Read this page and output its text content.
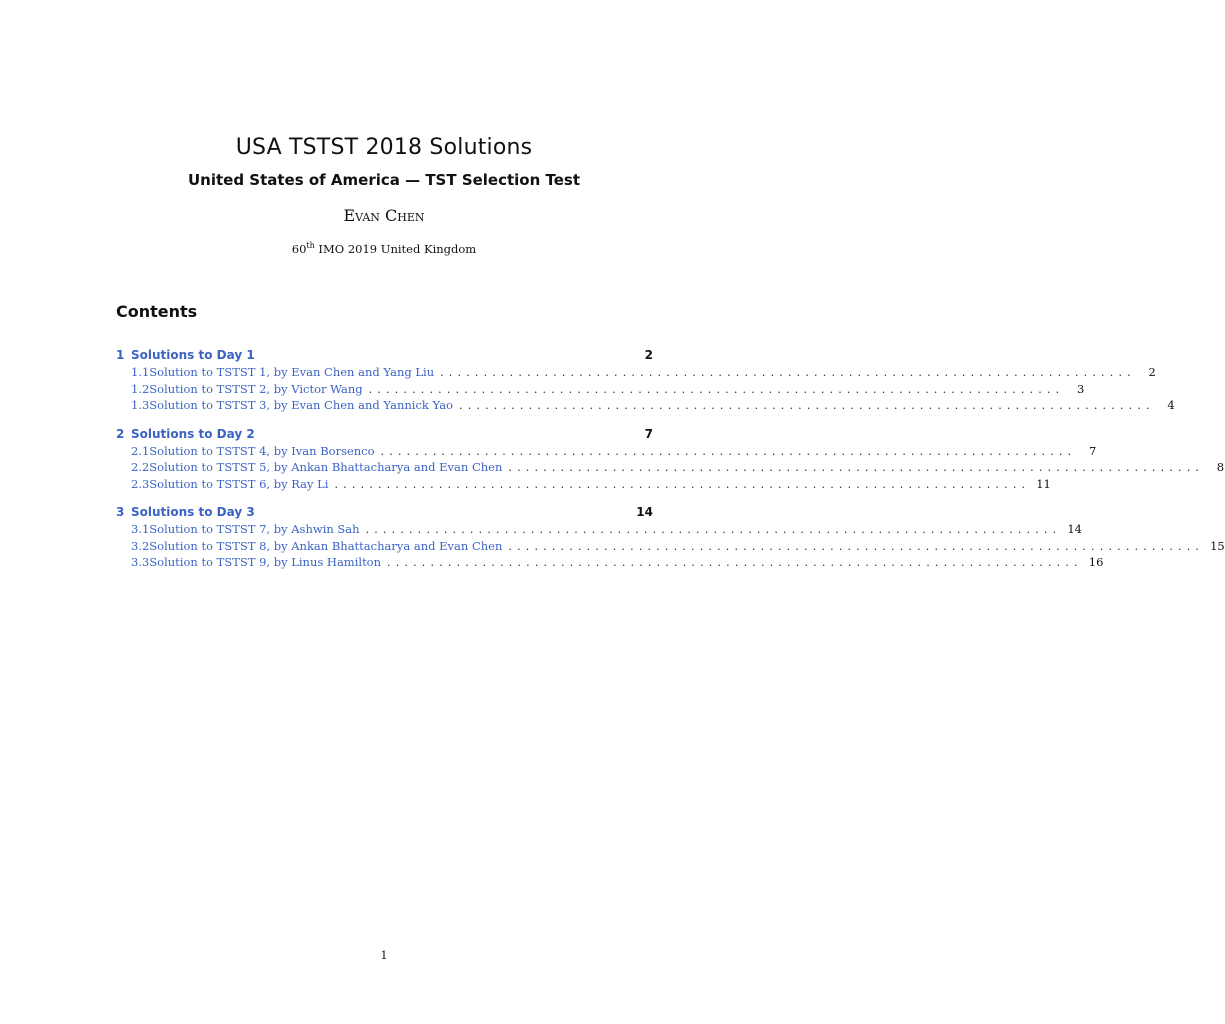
USA TSTST 2018 Solutions
United States of America — TST Selection Test
Evan Chen
60th IMO 2019 United Kingdom
Contents
1 Solutions to Day 1	2
1.1 Solution to TSTST 1, by Evan Chen and Yang Liu ................................................................................	2
1.2 Solution to TSTST 2, by Victor Wang ................................................................................	3
1.3 Solution to TSTST 3, by Evan Chen and Yannick Yao ................................................................................	4
2 Solutions to Day 2	7
2.1 Solution to TSTST 4, by Ivan Borsenco ................................................................................	7
2.2 Solution to TSTST 5, by Ankan Bhattacharya and Evan Chen ................................................................................	8
2.3 Solution to TSTST 6, by Ray Li ................................................................................ 11
3 Solutions to Day 3	14
3.1 Solution to TSTST 7, by Ashwin Sah ................................................................................ 14
3.2 Solution to TSTST 8, by Ankan Bhattacharya and Evan Chen ................................................................................ 15
3.3 Solution to TSTST 9, by Linus Hamilton ................................................................................ 16
1
